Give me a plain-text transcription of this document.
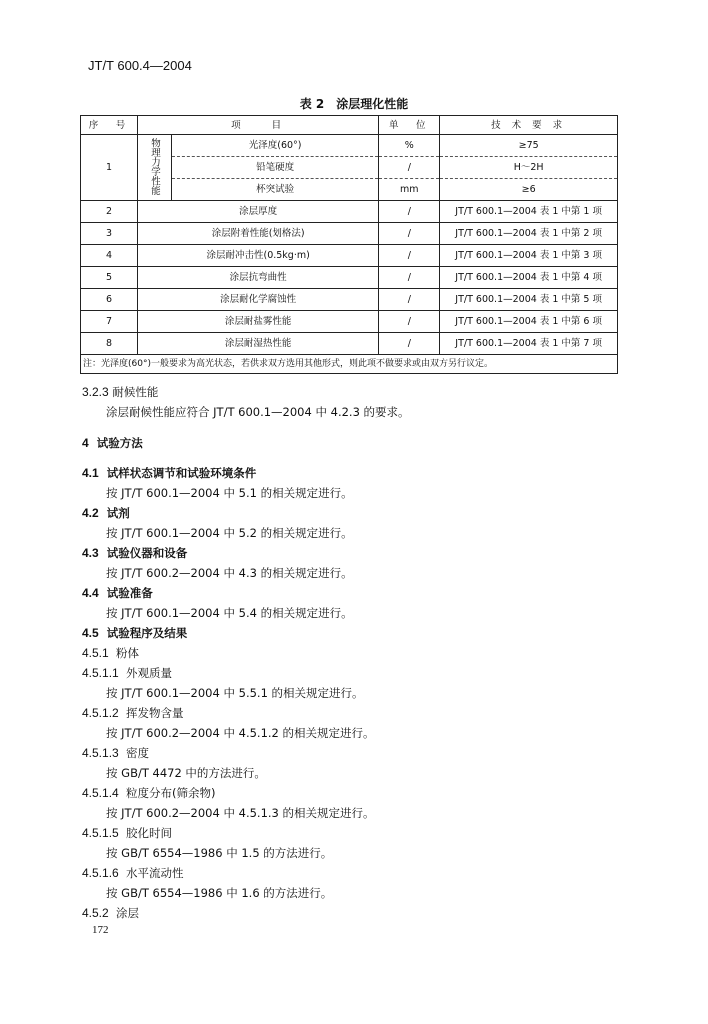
JT/T 600.4—2004
表 2　涂层理化性能
序　号	项　　目		单　位	技 术 要 求
1	物理力学性能	光泽度(60°)	%	≥75
		铅笔硬度	/	H～2H
		杯突试验	mm	≥6
2	涂层厚度		/	JT/T 600.1—2004 表 1 中第 1 项
3	涂层附着性能(划格法)		/	JT/T 600.1—2004 表 1 中第 2 项
4	涂层耐冲击性(0.5kg·m)		/	JT/T 600.1—2004 表 1 中第 3 项
5	涂层抗弯曲性		/	JT/T 600.1—2004 表 1 中第 4 项
6	涂层耐化学腐蚀性		/	JT/T 600.1—2004 表 1 中第 5 项
7	涂层耐盐雾性能		/	JT/T 600.1—2004 表 1 中第 6 项
8	涂层耐湿热性能		/	JT/T 600.1—2004 表 1 中第 7 项
注：光泽度(60°)一般要求为高光状态，若供求双方选用其他形式，则此项不做要求或由双方另行议定。				
3.2.3 耐候性能
涂层耐候性能应符合 JT/T 600.1—2004 中 4.2.3 的要求。
4 试验方法
4.1 试样状态调节和试验环境条件
按 JT/T 600.1—2004 中 5.1 的相关规定进行。
4.2 试剂
按 JT/T 600.1—2004 中 5.2 的相关规定进行。
4.3 试验仪器和设备
按 JT/T 600.2—2004 中 4.3 的相关规定进行。
4.4 试验准备
按 JT/T 600.1—2004 中 5.4 的相关规定进行。
4.5 试验程序及结果
4.5.1 粉体
4.5.1.1 外观质量
按 JT/T 600.1—2004 中 5.5.1 的相关规定进行。
4.5.1.2 挥发物含量
按 JT/T 600.2—2004 中 4.5.1.2 的相关规定进行。
4.5.1.3 密度
按 GB/T 4472 中的方法进行。
4.5.1.4 粒度分布(筛余物)
按 JT/T 600.2—2004 中 4.5.1.3 的相关规定进行。
4.5.1.5 胶化时间
按 GB/T 6554—1986 中 1.5 的方法进行。
4.5.1.6 水平流动性
按 GB/T 6554—1986 中 1.6 的方法进行。
4.5.2 涂层
172
